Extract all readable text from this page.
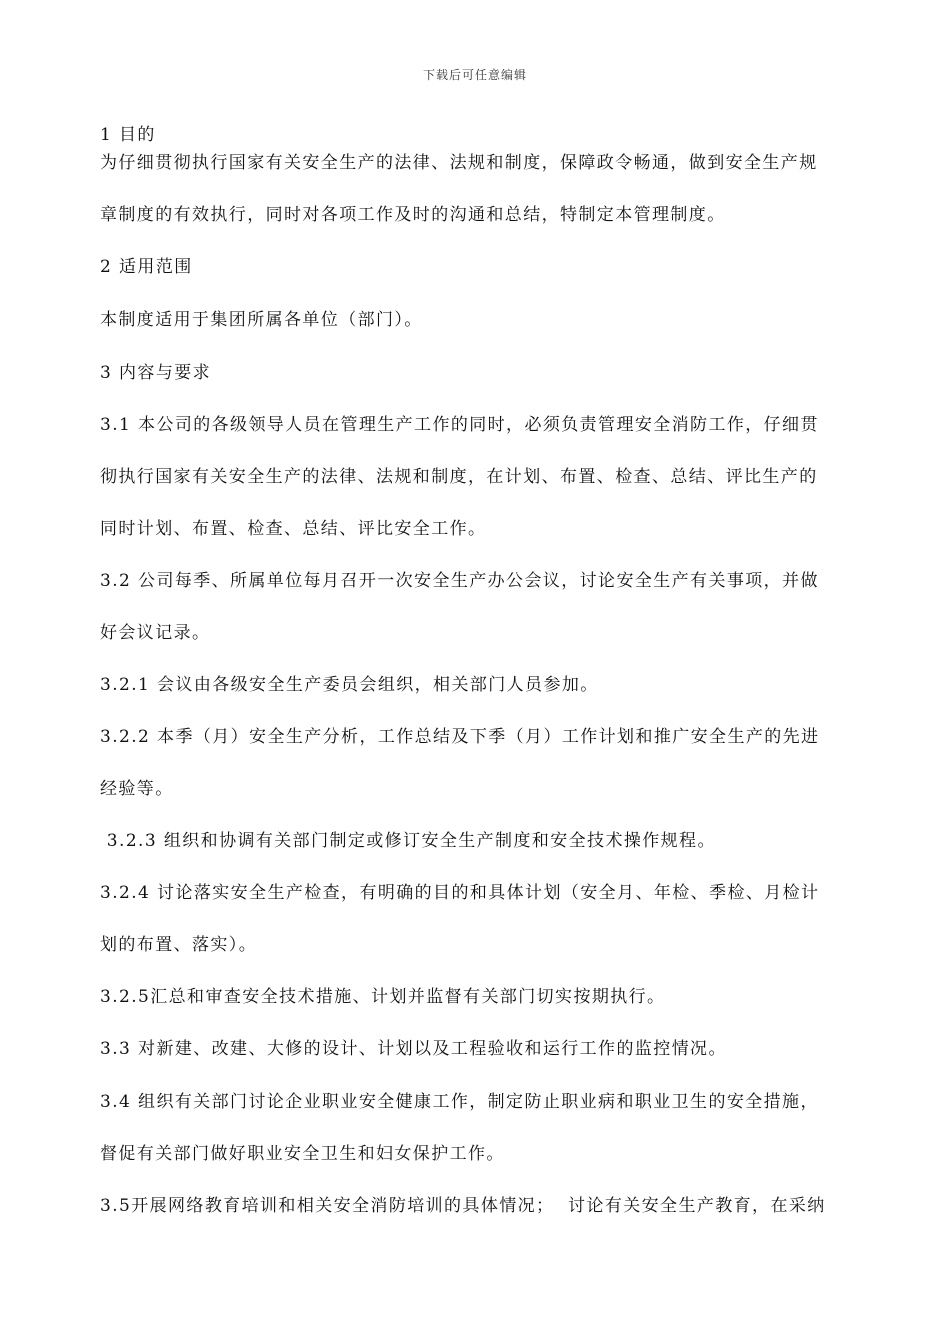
下载后可任意编辑
1 目的
为仔细贯彻执行国家有关安全生产的法律、法规和制度，保障政令畅通，做到安全生产规
章制度的有效执行，同时对各项工作及时的沟通和总结，特制定本管理制度。
2 适用范围
本制度适用于集团所属各单位（部门）。
3 内容与要求
3.1 本公司的各级领导人员在管理生产工作的同时，必须负责管理安全消防工作，仔细贯
彻执行国家有关安全生产的法律、法规和制度，在计划、布置、检查、总结、评比生产的
同时计划、布置、检查、总结、评比安全工作。
3.2 公司每季、所属单位每月召开一次安全生产办公会议，讨论安全生产有关事项，并做
好会议记录。
3.2.1 会议由各级安全生产委员会组织，相关部门人员参加。
3.2.2 本季（月）安全生产分析，工作总结及下季（月）工作计划和推广安全生产的先进
经验等。
3.2.3 组织和协调有关部门制定或修订安全生产制度和安全技术操作规程。
3.2.4 讨论落实安全生产检查，有明确的目的和具体计划（安全月、年检、季检、月检计
划的布置、落实）。
3.2.5汇总和审查安全技术措施、计划并监督有关部门切实按期执行。
3.3 对新建、改建、大修的设计、计划以及工程验收和运行工作的监控情况。
3.4 组织有关部门讨论企业职业安全健康工作，制定防止职业病和职业卫生的安全措施，
督促有关部门做好职业安全卫生和妇女保护工作。
3.5开展网络教育培训和相关安全消防培训的具体情况；  讨论有关安全生产教育，在采纳
